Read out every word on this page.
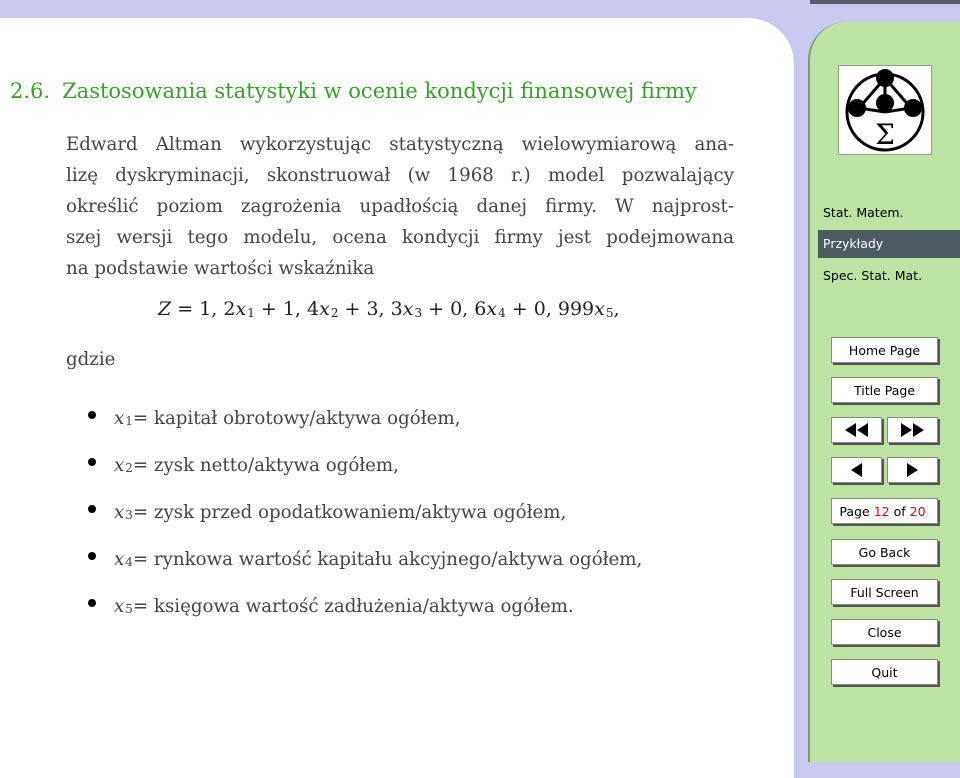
2.6. Zastosowania statystyki w ocenie kondycji finansowej firmy
Edward Altman wykorzystując statystyczną wielowymiarową ana-
lizę dyskryminacji, skonstruował (w 1968 r.) model pozwalający
określić poziom zagrożenia upadłością danej firmy. W najprost-
szej wersji tego modelu, ocena kondycji firmy jest podejmowana
na podstawie wartości wskaźnika
Z = 1, $2x_1 + 1$, $4x_2 + 3$, $3x_3 + 0$, $6x_4 + 0$, $999x_5$,
gdzie
$x_1$ = kapitał obrotowy/aktywa ogółem,
$x_2$ = zysk netto/aktywa ogółem,
$x_3$ = zysk przed opodatkowaniem/aktywa ogółem,
$x_4$ = rynkowa wartość kapitału akcyjnego/aktywa ogółem,
$x_5$ = księgowa wartość zadłużenia/aktywa ogółem.
Σ
Stat. Matem.
Przykłady
Spec. Stat. Mat.
Home Page
Title Page
Page 12 of 20
Go Back
Full Screen
Close
Quit
